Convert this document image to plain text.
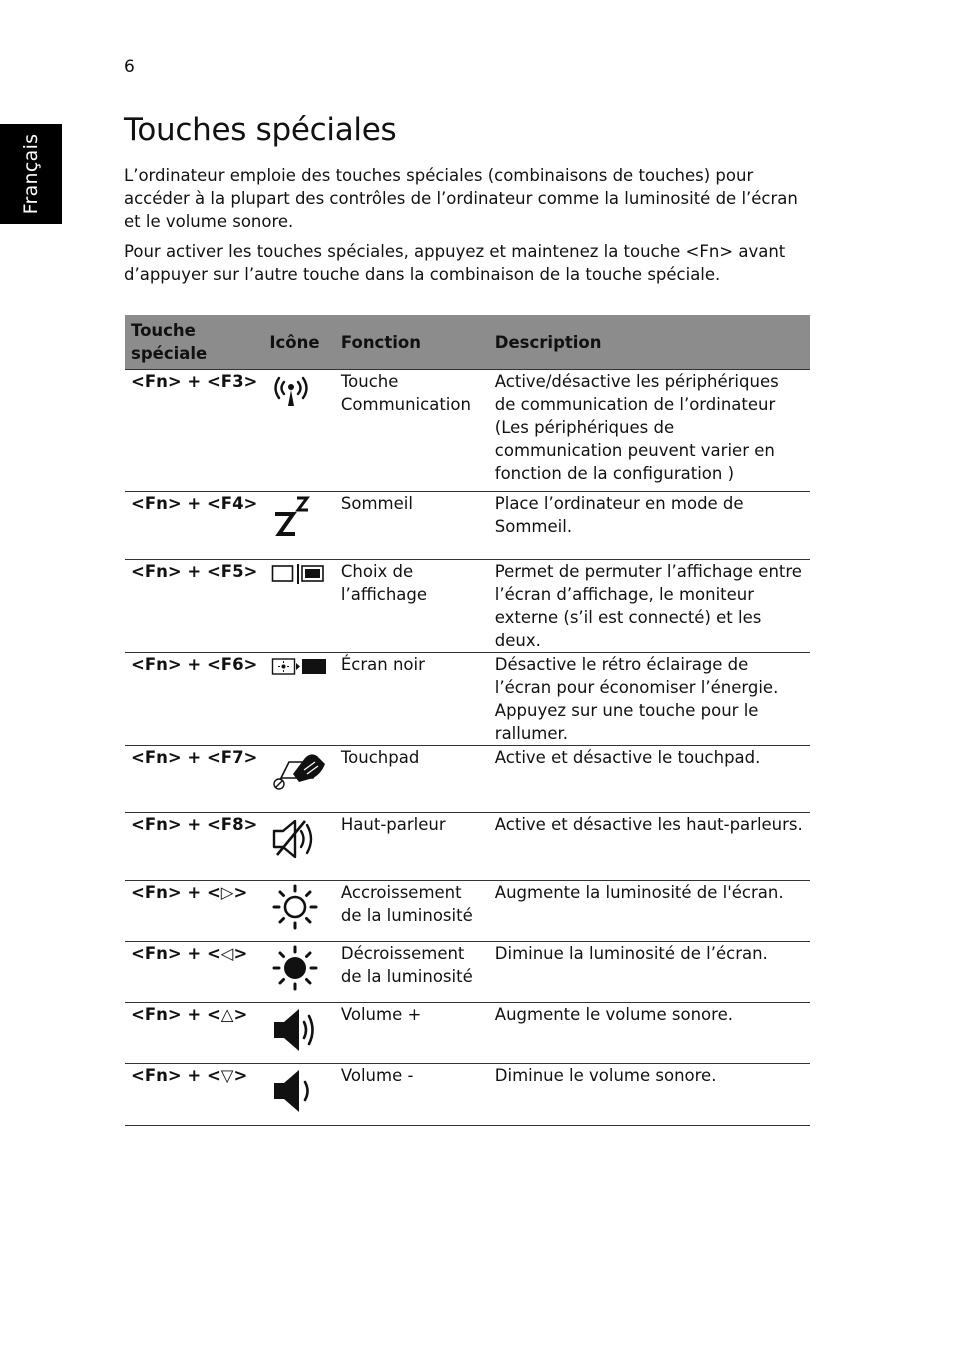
6
Français
Touches spéciales

L’ordinateur emploie des touches spéciales (combinaisons de touches) pour accéder à la plupart des contrôles de l’ordinateur comme la luminosité de l’écran et le volume sonore.

Pour activer les touches spéciales, appuyez et maintenez la touche <Fn> avant d’appuyer sur l’autre touche dans la combinaison de la touche spéciale.

Touche
spéciale	Icône	Fonction	Description
<Fn> + <F3>		Touche Communication	Active/désactive les périphériques de communication de l’ordinateur
(Les périphériques de communication peuvent varier en fonction de la configuration )
<Fn> + <F4>		Sommeil	Place l’ordinateur en mode de Sommeil.
<Fn> + <F5>		Choix de l’affichage	Permet de permuter l’affichage entre l’écran d’affichage, le moniteur externe (s’il est connecté) et les deux.
<Fn> + <F6>		Écran noir	Désactive le rétro éclairage de l’écran pour économiser l’énergie. Appuyez sur une touche pour le rallumer.
<Fn> + <F7>		Touchpad	Active et désactive le touchpad.
<Fn> + <F8>		Haut-parleur	Active et désactive les haut-parleurs.
<Fn> + <▷>		Accroissement de la luminosité	Augmente la luminosité de l'écran.
<Fn> + <◁>		Décroissement de la luminosité	Diminue la luminosité de l’écran.
<Fn> + <△>		Volume +	Augmente le volume sonore.
<Fn> + <▽>		Volume -	Diminue le volume sonore.
